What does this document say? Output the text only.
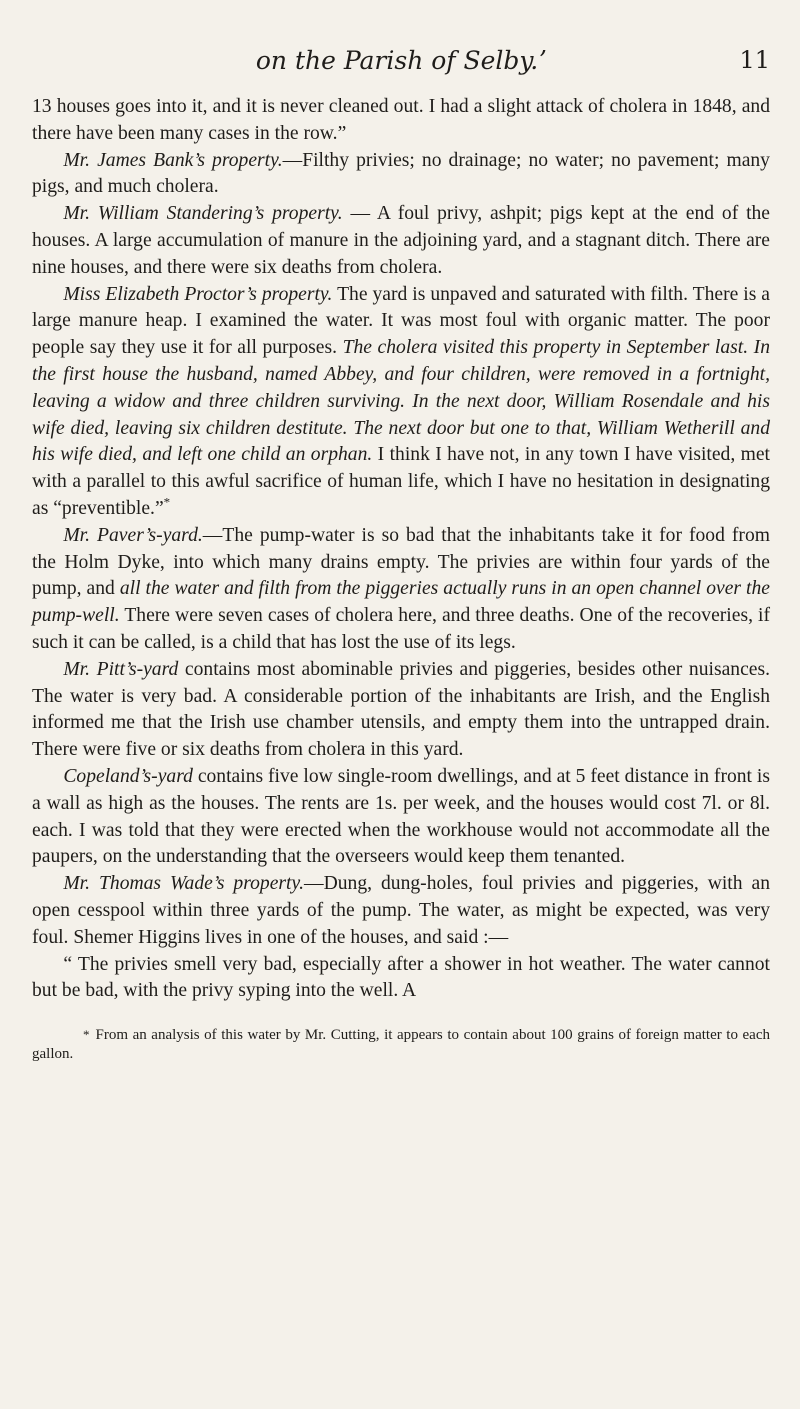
on the Parish of Selby.ʼ	11

13 houses goes into it, and it is never cleaned out. I had a slight attack of cholera in 1848, and there have been many cases in the row.”

Mr. James Bank’s property.—Filthy privies; no drainage; no water; no pavement; many pigs, and much cholera.

Mr. William Standering’s property. — A foul privy, ashpit; pigs kept at the end of the houses. A large accumulation of manure in the adjoining yard, and a stagnant ditch. There are nine houses, and there were six deaths from cholera.

Miss Elizabeth Proctor’s property. The yard is unpaved and saturated with filth. There is a large manure heap. I examined the water. It was most foul with organic matter. The poor people say they use it for all purposes. The cholera visited this property in September last. In the first house the husband, named Abbey, and four children, were removed in a fortnight, leaving a widow and three children surviving. In the next door, William Rosendale and his wife died, leaving six children destitute. The next door but one to that, William Wetherill and his wife died, and left one child an orphan. I think I have not, in any town I have visited, met with a parallel to this awful sacrifice of human life, which I have no hesitation in designating as “preventible.”*

Mr. Paver’s-yard.—The pump-water is so bad that the inhabitants take it for food from the Holm Dyke, into which many drains empty. The privies are within four yards of the pump, and all the water and filth from the piggeries actually runs in an open channel over the pump-well. There were seven cases of cholera here, and three deaths. One of the recoveries, if such it can be called, is a child that has lost the use of its legs.

Mr. Pitt’s-yard contains most abominable privies and piggeries, besides other nuisances. The water is very bad. A considerable portion of the inhabitants are Irish, and the English informed me that the Irish use chamber utensils, and empty them into the untrapped drain. There were five or six deaths from cholera in this yard.

Copeland’s-yard contains five low single-room dwellings, and at 5 feet distance in front is a wall as high as the houses. The rents are 1s. per week, and the houses would cost 7l. or 8l. each. I was told that they were erected when the workhouse would not accommodate all the paupers, on the understanding that the overseers would keep them tenanted.

Mr. Thomas Wade’s property.—Dung, dung-holes, foul privies and piggeries, with an open cesspool within three yards of the pump. The water, as might be expected, was very foul. Shemer Higgins lives in one of the houses, and said :—

“ The privies smell very bad, especially after a shower in hot weather. The water cannot but be bad, with the privy syping into the well. A

* From an analysis of this water by Mr. Cutting, it appears to contain about 100 grains of foreign matter to each gallon.
